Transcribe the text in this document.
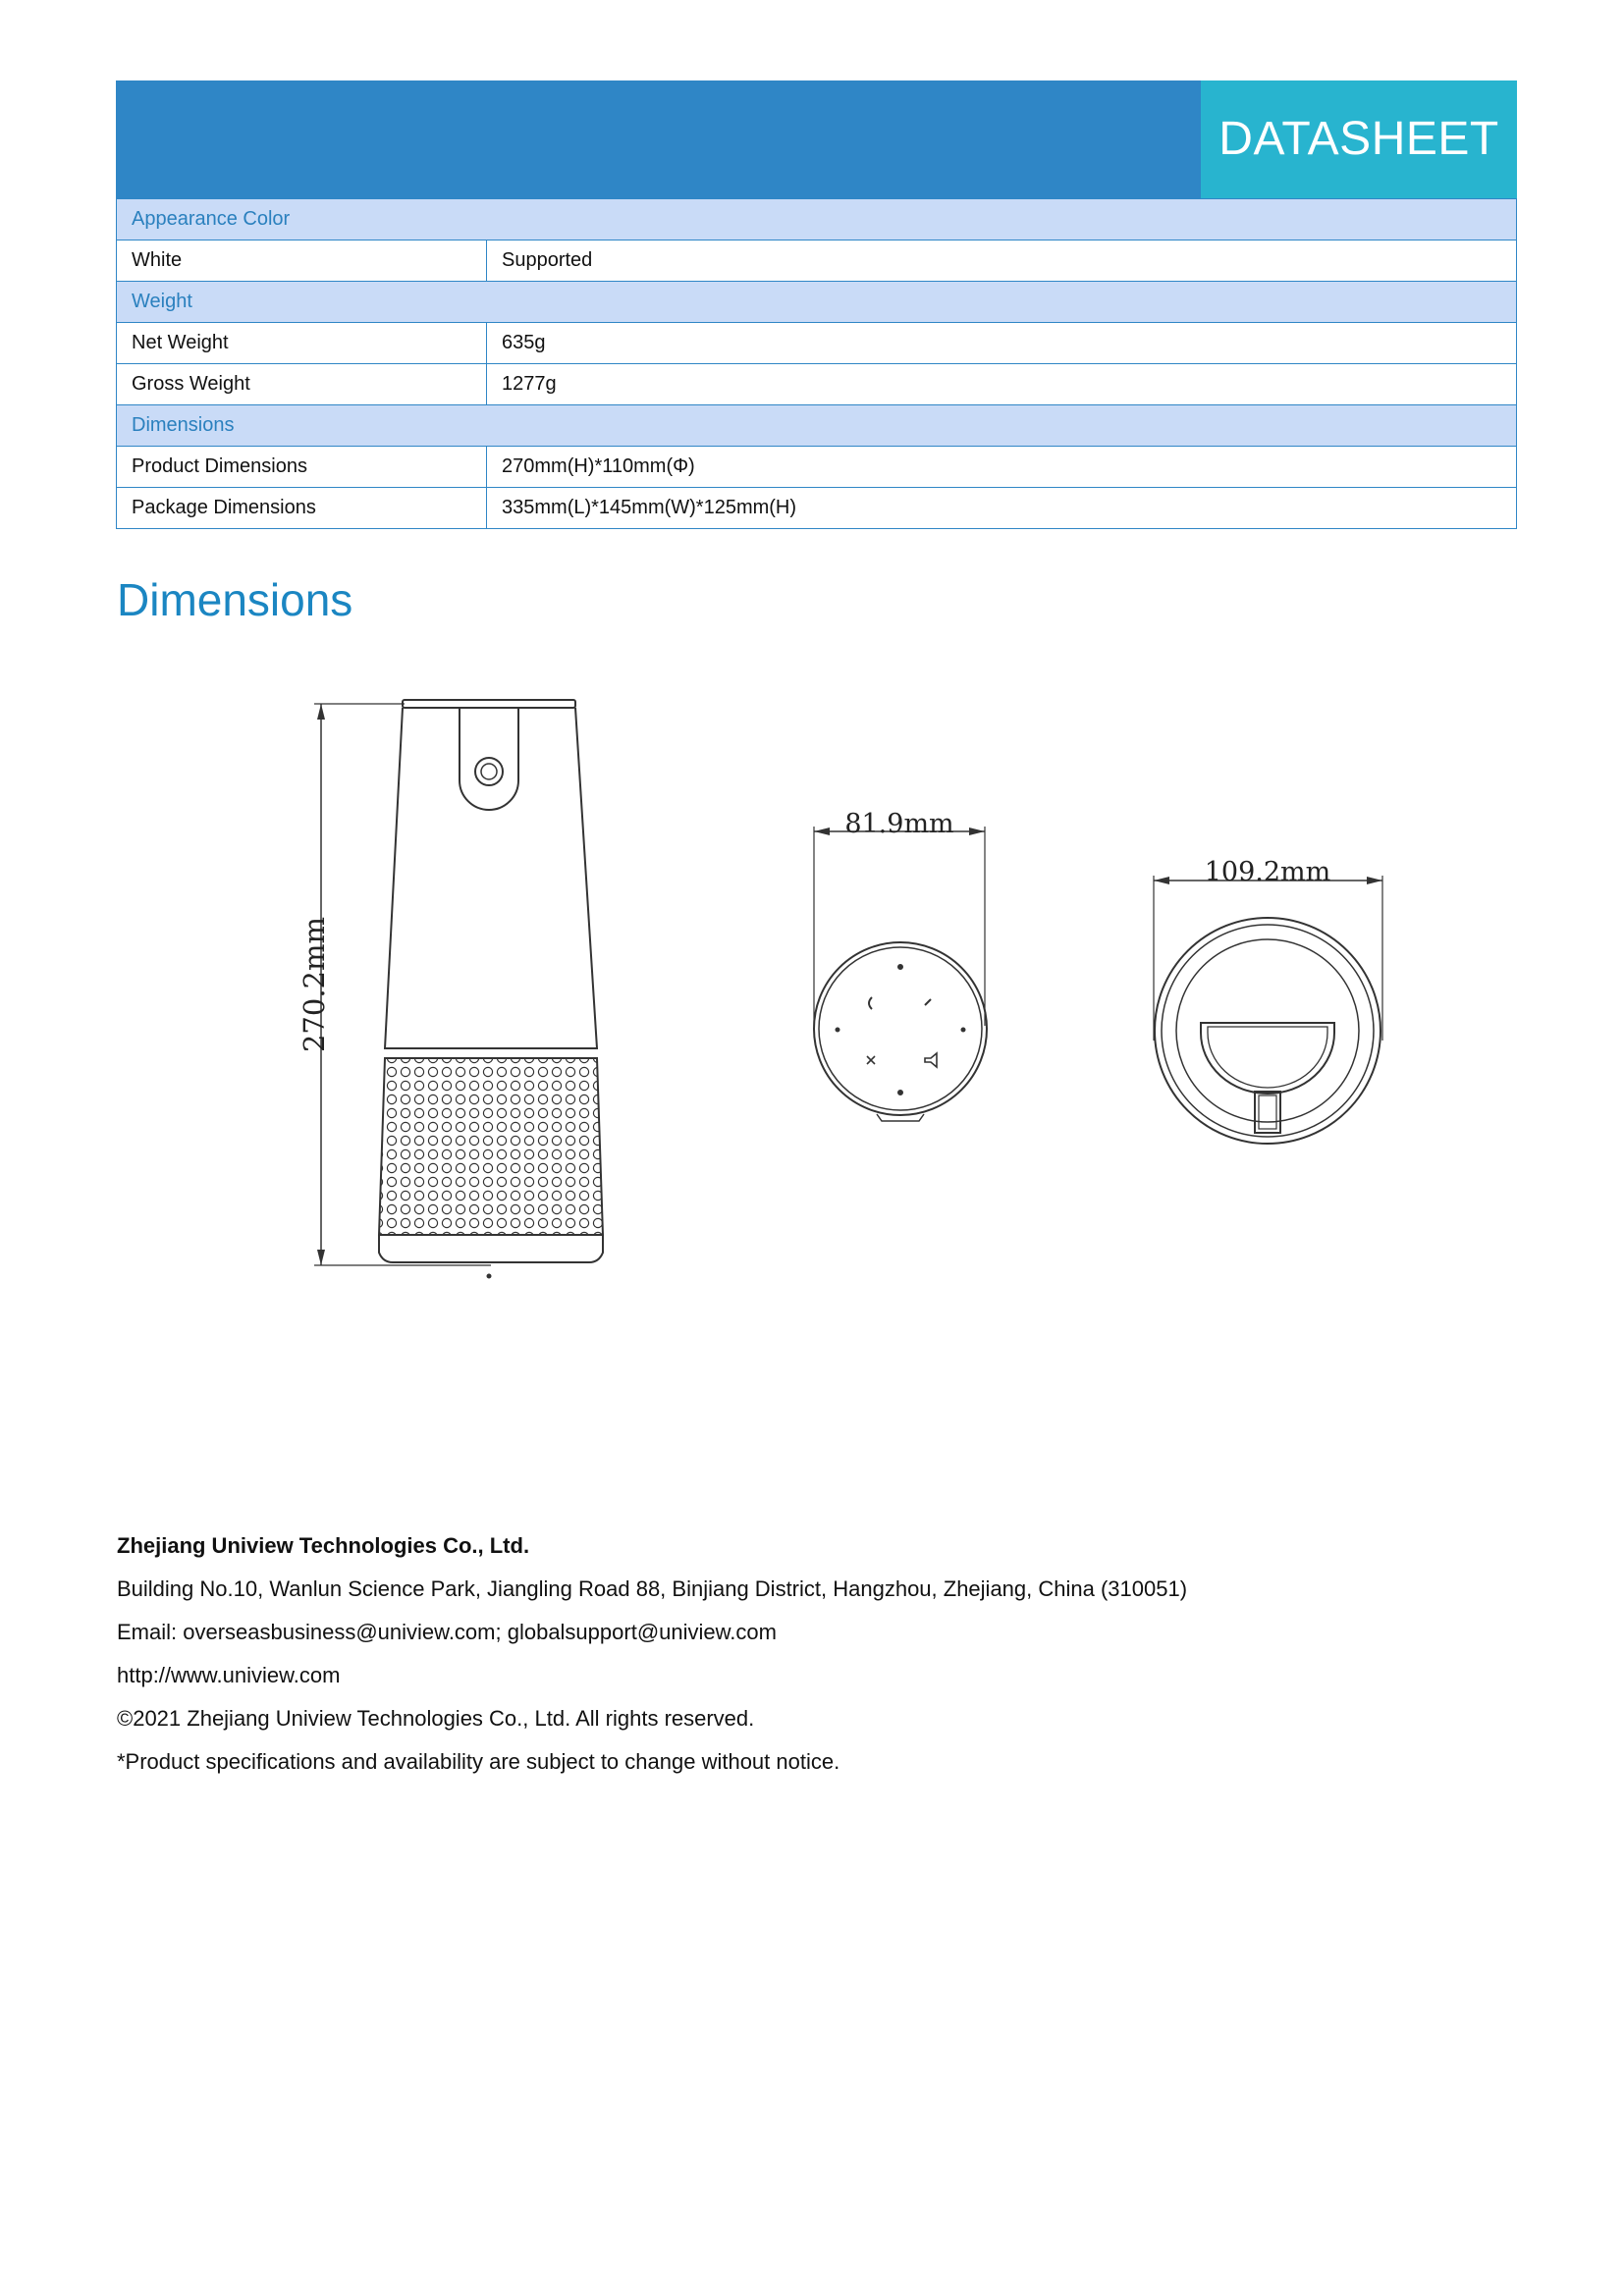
DATASHEET
Appearance Color	
White	Supported
Weight	
Net Weight	635g
Gross Weight	1277g
Dimensions	
Product Dimensions	270mm(H)*110mm(Φ)
Package Dimensions	335mm(L)*145mm(W)*125mm(H)
Dimensions
270.2mm
81.9mm
109.2mm
Zhejiang Uniview Technologies Co., Ltd.
Building No.10, Wanlun Science Park, Jiangling Road 88, Binjiang District, Hangzhou, Zhejiang, China (310051)
Email: overseasbusiness@uniview.com; globalsupport@uniview.com
http://www.uniview.com
©2021 Zhejiang Uniview Technologies Co., Ltd. All rights reserved.
*Product specifications and availability are subject to change without notice.
